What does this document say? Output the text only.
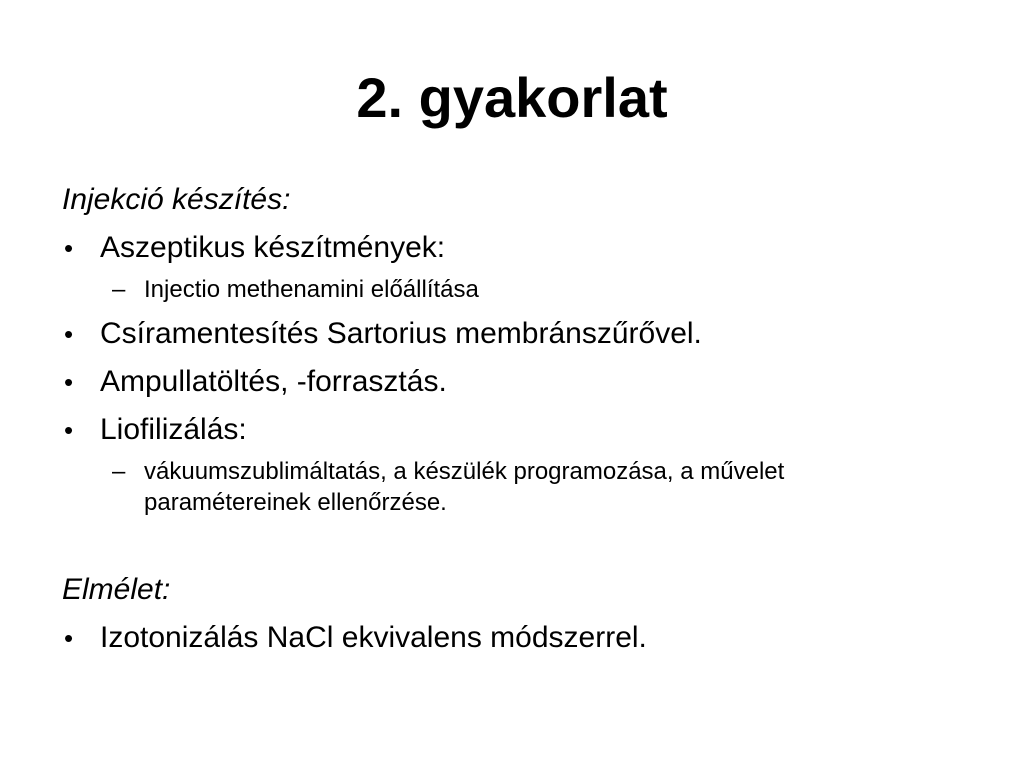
2. gyakorlat

Injekció készítés:

• Aszeptikus készítmények:
– Injectio methenamini előállítása
• Csíramentesítés Sartorius membránszűrővel.
• Ampullatöltés, -forrasztás.
• Liofilizálás:
– vákuumszublimáltatás, a készülék programozása, a művelet paramétereinek ellenőrzése.

Elmélet:

• Izotonizálás NaCl ekvivalens módszerrel.
